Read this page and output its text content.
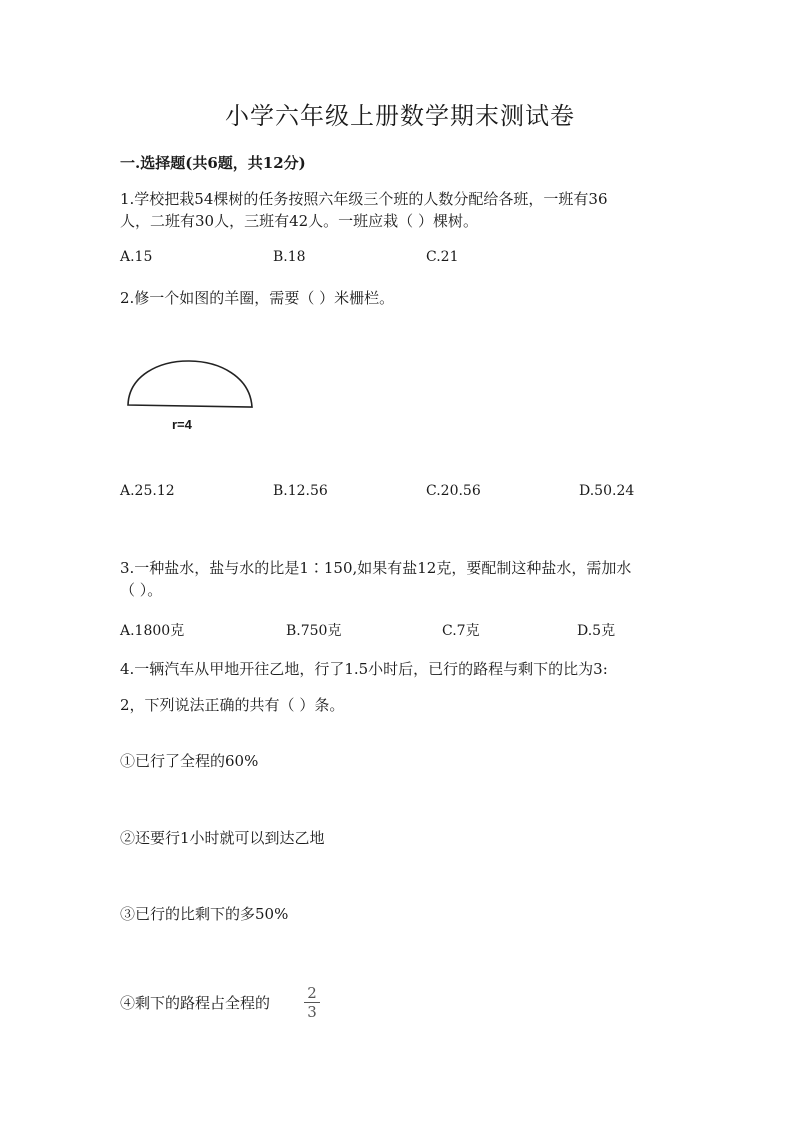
小学六年级上册数学期末测试卷
一.选择题(共6题，共12分)
1.学校把栽54棵树的任务按照六年级三个班的人数分配给各班，一班有36
人，二班有30人，三班有42人。一班应栽（ ）棵树。
A.15	B.18	C.21
2.修一个如图的羊圈，需要（ ）米栅栏。
r=4
A.25.12	B.12.56	C.20.56	D.50.24
3.一种盐水，盐与水的比是1∶150,如果有盐12克，要配制这种盐水，需加水
（ ）。
A.1800克	B.750克	C.7克	D.5克
4.一辆汽车从甲地开往乙地，行了1.5小时后，已行的路程与剩下的比为3:
2，下列说法正确的共有（ ）条。
①已行了全程的60%
②还要行1小时就可以到达乙地
③已行的比剩下的多50%
④剩下的路程占全程的
2
3
